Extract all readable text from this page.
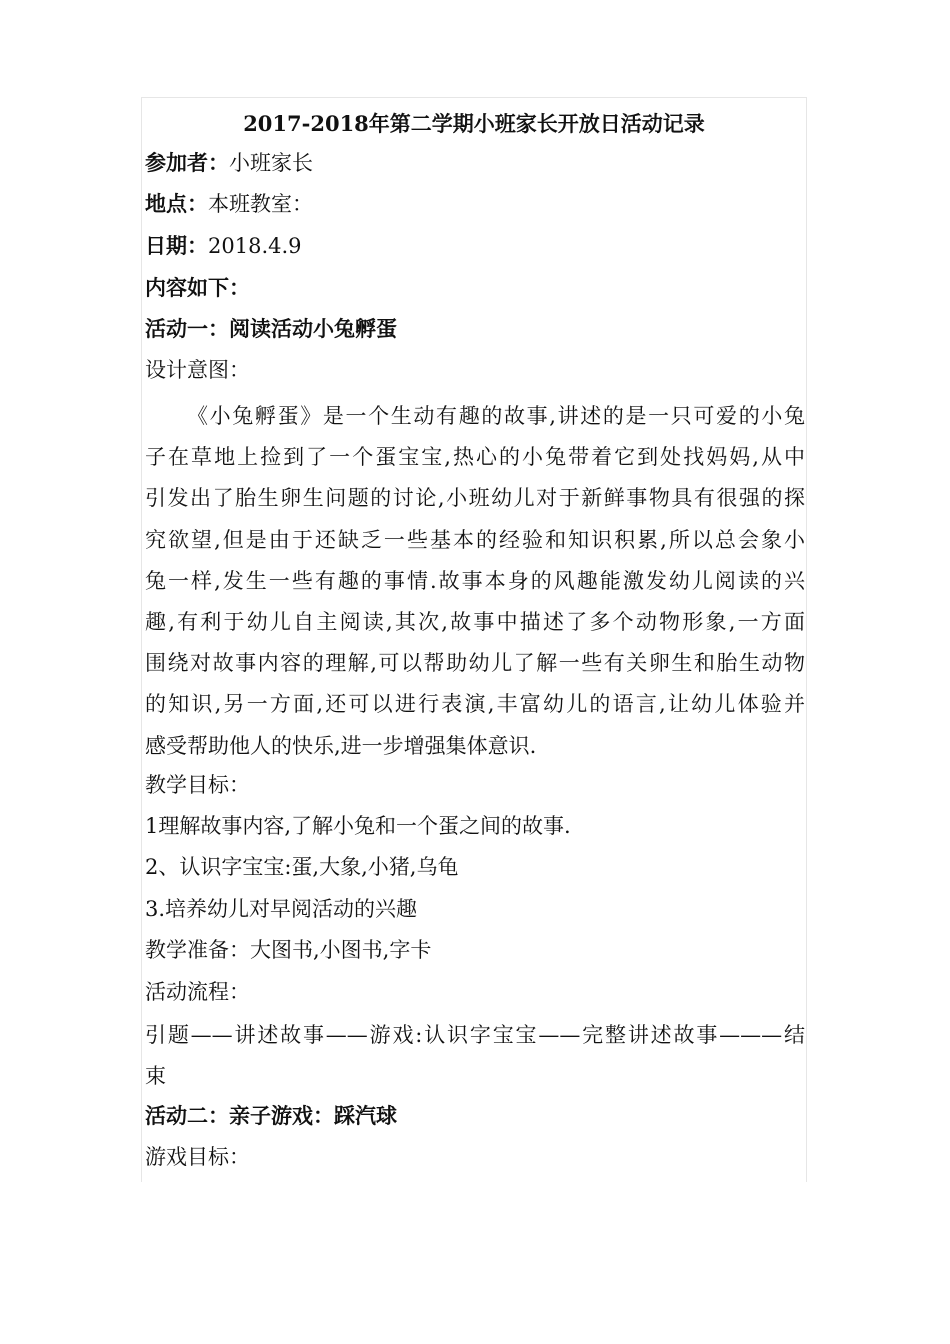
2017-2018年第二学期小班家长开放日活动记录
参加者：小班家长
地点：本班教室：
日期：2018.4.9
内容如下：
活动一：阅读活动小兔孵蛋
设计意图：
《小兔孵蛋》是一个生动有趣的故事,讲述的是一只可爱的小兔
子在草地上捡到了一个蛋宝宝,热心的小兔带着它到处找妈妈,从中
引发出了胎生卵生问题的讨论,小班幼儿对于新鲜事物具有很强的探
究欲望,但是由于还缺乏一些基本的经验和知识积累,所以总会象小
兔一样,发生一些有趣的事情.故事本身的风趣能激发幼儿阅读的兴
趣,有利于幼儿自主阅读,其次,故事中描述了多个动物形象,一方面
围绕对故事内容的理解,可以帮助幼儿了解一些有关卵生和胎生动物
的知识,另一方面,还可以进行表演,丰富幼儿的语言,让幼儿体验并
感受帮助他人的快乐,进一步增强集体意识.
教学目标：
1理解故事内容,了解小兔和一个蛋之间的故事.
2、认识字宝宝:蛋,大象,小猪,乌龟
3.培养幼儿对早阅活动的兴趣
教学准备：大图书,小图书,字卡
活动流程：
引题——讲述故事——游戏:认识字宝宝——完整讲述故事———结
束
活动二：亲子游戏：踩汽球
游戏目标：
